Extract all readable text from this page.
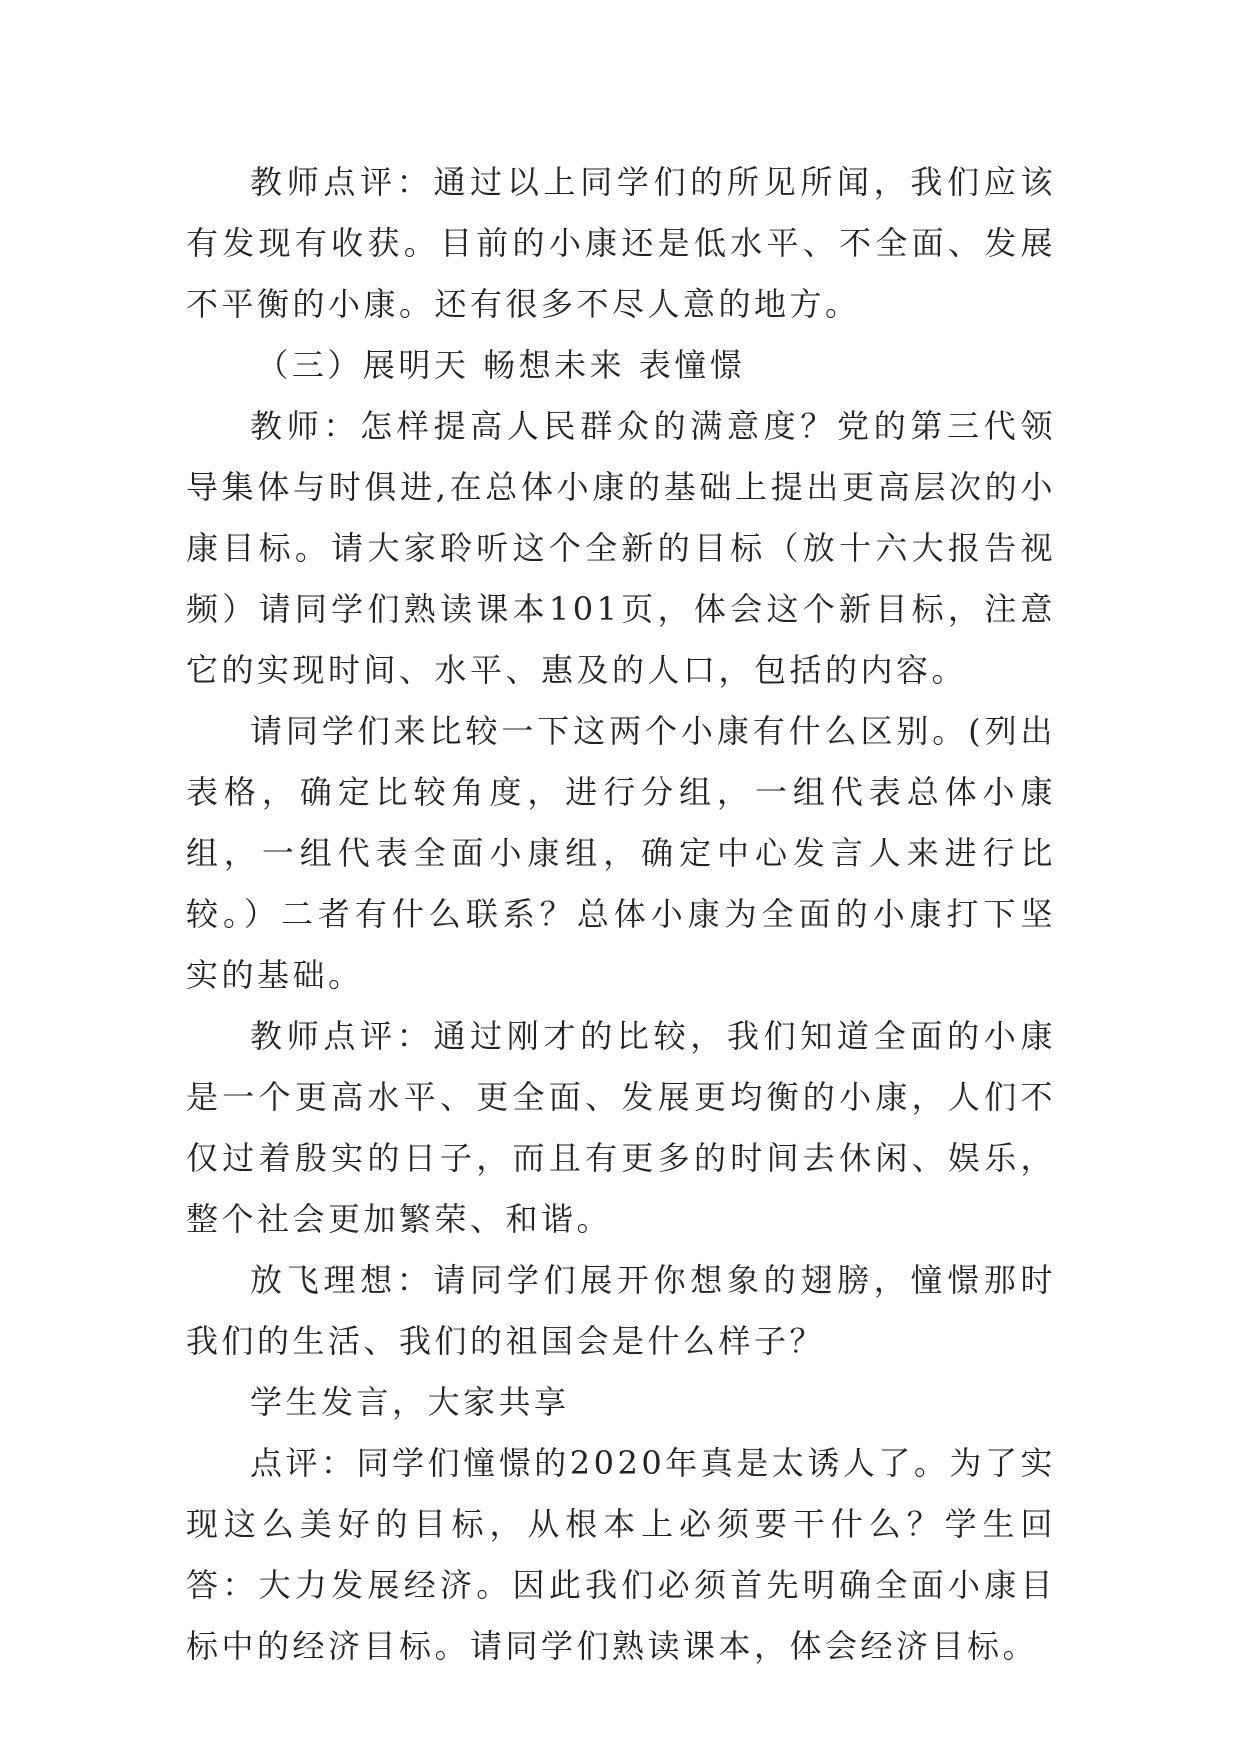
教师点评：通过以上同学们的所见所闻，我们应该有发现有收获。目前的小康还是低水平、不全面、发展不平衡的小康。还有很多不尽人意的地方。

（三）展明天 畅想未来 表憧憬

教师：怎样提高人民群众的满意度？党的第三代领导集体与时俱进,在总体小康的基础上提出更高层次的小康目标。请大家聆听这个全新的目标（放十六大报告视频）请同学们熟读课本101页，体会这个新目标，注意它的实现时间、水平、惠及的人口，包括的内容。

请同学们来比较一下这两个小康有什么区别。(列出表格，确定比较角度，进行分组，一组代表总体小康组，一组代表全面小康组，确定中心发言人来进行比较。）二者有什么联系？总体小康为全面的小康打下坚实的基础。

教师点评：通过刚才的比较，我们知道全面的小康是一个更高水平、更全面、发展更均衡的小康，人们不仅过着殷实的日子，而且有更多的时间去休闲、娱乐，整个社会更加繁荣、和谐。

放飞理想：请同学们展开你想象的翅膀，憧憬那时我们的生活、我们的祖国会是什么样子？

学生发言，大家共享

点评：同学们憧憬的2020年真是太诱人了。为了实现这么美好的目标，从根本上必须要干什么？学生回答：大力发展经济。因此我们必须首先明确全面小康目标中的经济目标。请同学们熟读课本，体会经济目标。
